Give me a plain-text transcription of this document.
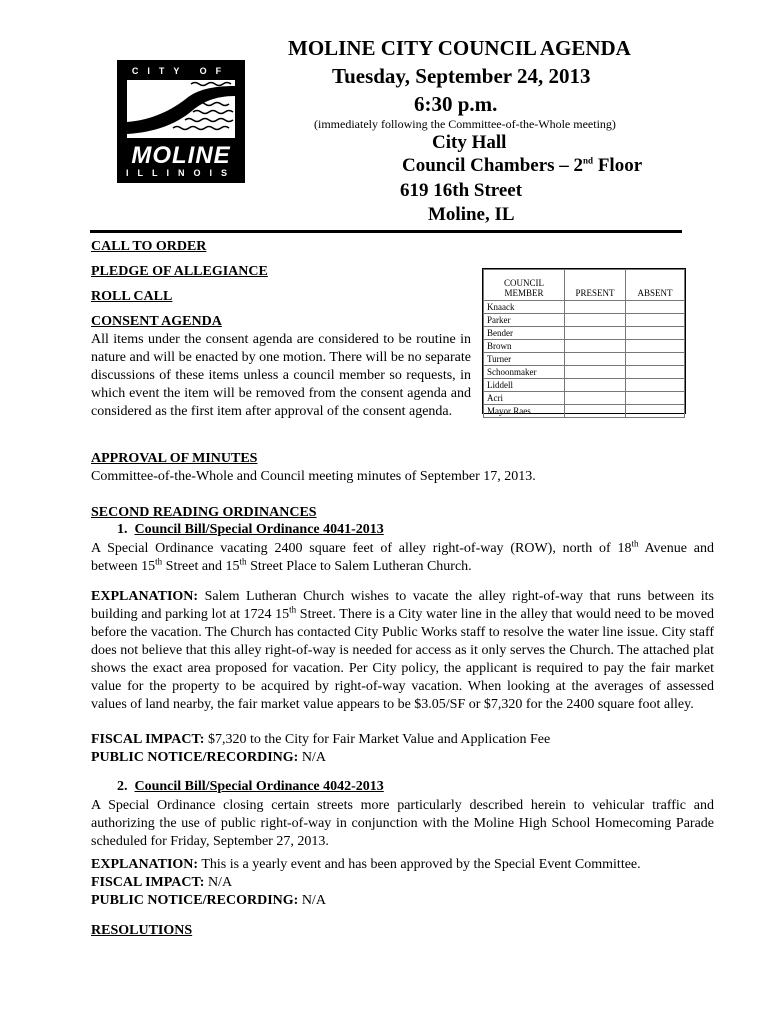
CITY OF
MOLINE
ILLINOIS
MOLINE CITY COUNCIL AGENDA
Tuesday, September 24, 2013
6:30 p.m.
(immediately following the Committee-of-the-Whole meeting)
City Hall
Council Chambers – 2nd Floor
619 16th Street
Moline, IL
CALL TO ORDER
PLEDGE OF ALLEGIANCE
ROLL CALL
CONSENT AGENDA
All items under the consent agenda are considered to be routine in nature and will be enacted by one motion. There will be no separate discussions of these items unless a council member so requests, in which event the item will be removed from the consent agenda and considered as the first item after approval of the consent agenda.
COUNCIL MEMBER	PRESENT	ABSENT
Knaack		
Parker		
Bender		
Brown		
Turner		
Schoonmaker		
Liddell		
Acri		
Mayor Raes		
APPROVAL OF MINUTES
Committee-of-the-Whole and Council meeting minutes of September 17, 2013.
SECOND READING ORDINANCES
1. Council Bill/Special Ordinance 4041-2013
A Special Ordinance vacating 2400 square feet of alley right-of-way (ROW), north of 18th Avenue and between 15th Street and 15th Street Place to Salem Lutheran Church.
EXPLANATION: Salem Lutheran Church wishes to vacate the alley right-of-way that runs between its building and parking lot at 1724 15th Street. There is a City water line in the alley that would need to be moved before the vacation. The Church has contacted City Public Works staff to resolve the water line issue. City staff does not believe that this alley right-of-way is needed for access as it only serves the Church. The attached plat shows the exact area proposed for vacation. Per City policy, the applicant is required to pay the fair market value for the property to be acquired by right-of-way vacation. When looking at the averages of assessed values of land nearby, the fair market value appears to be $3.05/SF or $7,320 for the 2400 square foot alley.
FISCAL IMPACT: $7,320 to the City for Fair Market Value and Application Fee
PUBLIC NOTICE/RECORDING: N/A
2. Council Bill/Special Ordinance 4042-2013
A Special Ordinance closing certain streets more particularly described herein to vehicular traffic and authorizing the use of public right-of-way in conjunction with the Moline High School Homecoming Parade scheduled for Friday, September 27, 2013.
EXPLANATION: This is a yearly event and has been approved by the Special Event Committee.
FISCAL IMPACT: N/A
PUBLIC NOTICE/RECORDING: N/A
RESOLUTIONS
